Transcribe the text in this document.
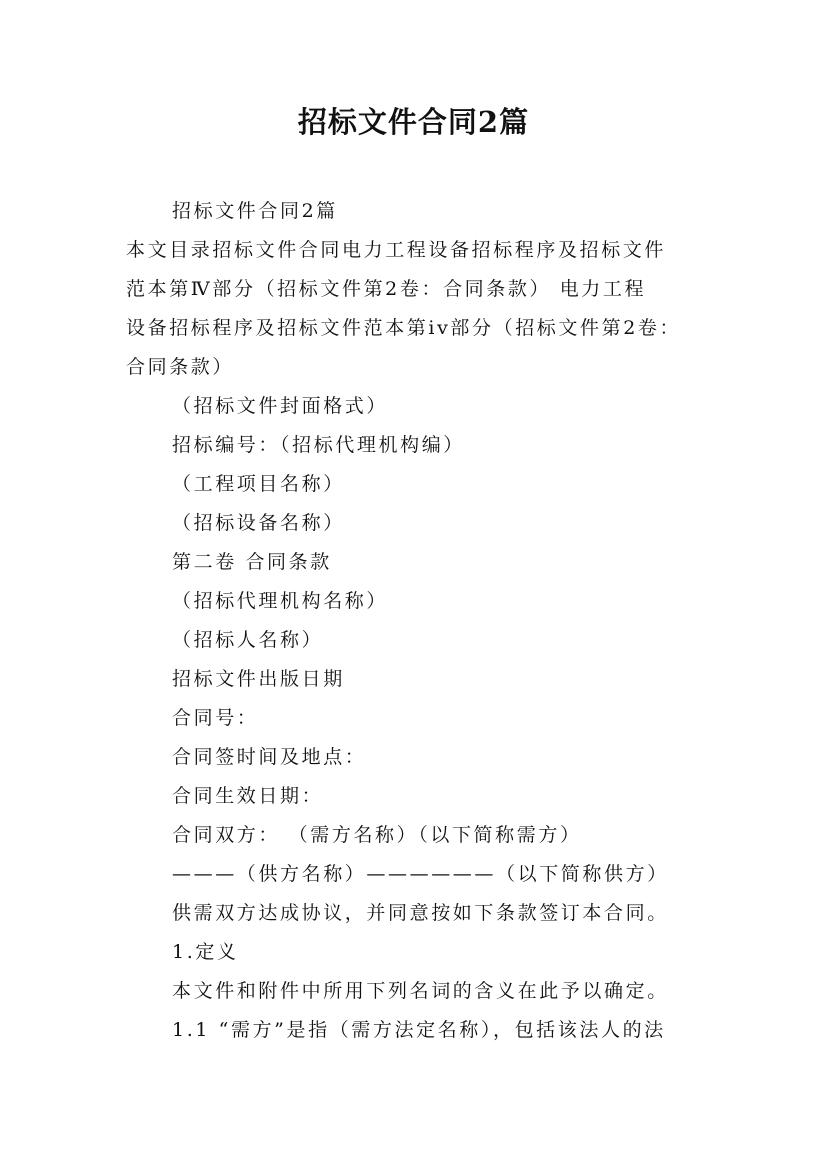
招标文件合同2篇
招标文件合同2篇
本文目录招标文件合同电力工程设备招标程序及招标文件
范本第Ⅳ部分（招标文件第2卷：合同条款） 电力工程
设备招标程序及招标文件范本第iv部分（招标文件第2卷：
合同条款）
（招标文件封面格式）
招标编号：（招标代理机构编）
（工程项目名称）
（招标设备名称）
第二卷 合同条款
（招标代理机构名称）
（招标人名称）
招标文件出版日期
合同号：
合同签时间及地点：
合同生效日期：
合同双方： （需方名称）（以下简称需方）
———（供方名称）——————（以下简称供方）
供需双方达成协议，并同意按如下条款签订本合同。
1.定义
本文件和附件中所用下列名词的含义在此予以确定。
1.1 “需方”是指（需方法定名称），包括该法人的法
